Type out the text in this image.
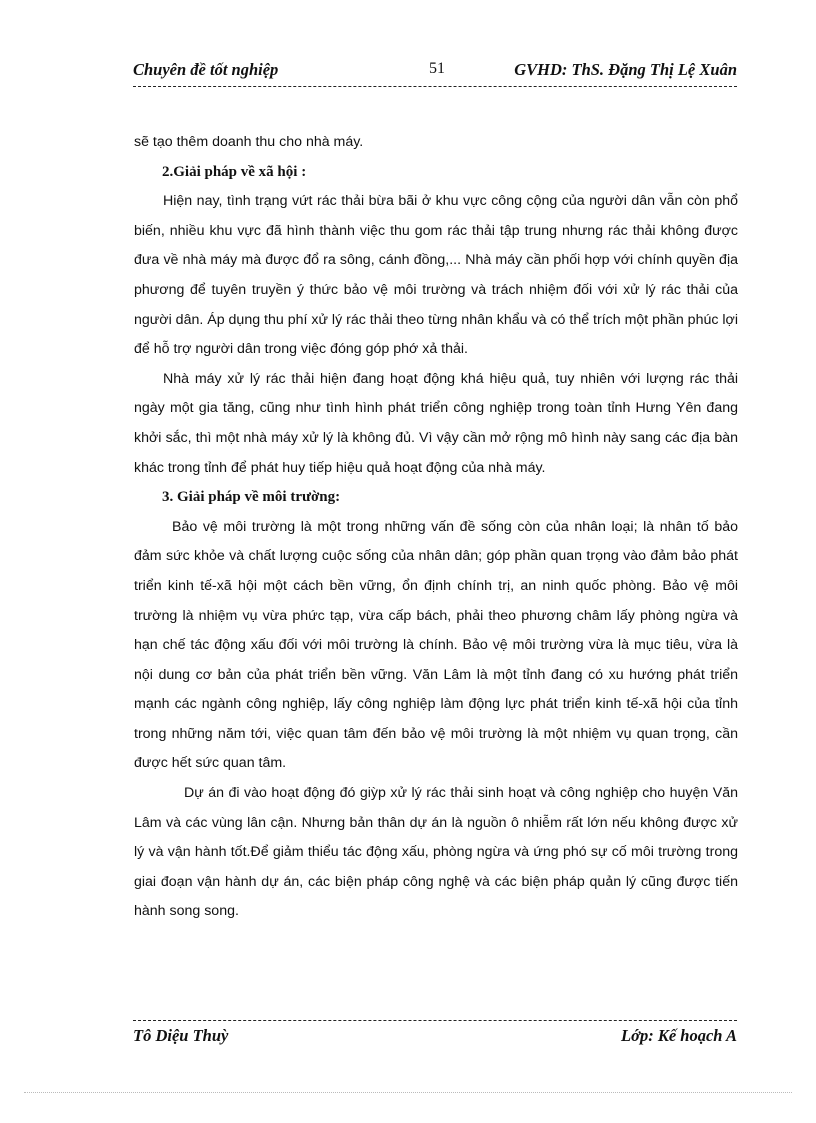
Chuyên đề tốt nghiệp	51	GVHD: ThS. Đặng Thị Lệ Xuân

sẽ tạo thêm doanh thu cho nhà máy.

2.Giải pháp về xã hội :

Hiện nay, tình trạng vứt rác thải bừa bãi ở khu vực công cộng của người dân vẫn còn phổ biến, nhiều khu vực đã hình thành việc thu gom rác thải tập trung nhưng rác thải không được đưa về nhà máy mà được đổ ra sông, cánh đồng,... Nhà máy cần phối hợp với chính quyền địa phương để tuyên truyền ý thức bảo vệ môi trường và trách nhiệm đối với xử lý rác thải của người dân. Áp dụng thu phí xử lý rác thải theo từng nhân khẩu và có thể trích một phần phúc lợi để hỗ trợ người dân trong việc đóng góp phớ xả thải.

Nhà máy xử lý rác thải hiện đang hoạt động khá hiệu quả, tuy nhiên với lượng rác thải ngày một gia tăng, cũng như tình hình phát triển công nghiệp trong toàn tỉnh Hưng Yên đang khởi sắc, thì một nhà máy xử lý là không đủ. Vì vậy cần mở rộng mô hình này sang các địa bàn khác trong tỉnh để phát huy tiếp hiệu quả hoạt động của nhà máy.

3. Giải pháp về môi trường:

Bảo vệ môi trường là một trong những vấn đề sống còn của nhân loại; là nhân tố bảo đảm sức khỏe và chất lượng cuộc sống của nhân dân; góp phần quan trọng vào đảm bảo phát triển kinh tế-xã hội một cách bền vững, ổn định chính trị, an ninh quốc phòng. Bảo vệ môi trường là nhiệm vụ vừa phức tạp, vừa cấp bách, phải theo phương châm lấy phòng ngừa và hạn chế tác động xấu đối với môi trường là chính. Bảo vệ môi trường vừa là mục tiêu, vừa là nội dung cơ bản của phát triển bền vững. Văn Lâm là một tỉnh đang có xu hướng phát triển mạnh các ngành công nghiệp, lấy công nghiệp làm động lực phát triển kinh tế-xã hội của tỉnh trong những năm tới, việc quan tâm đến bảo vệ môi trường là một nhiệm vụ quan trọng, cần được hết sức quan tâm.

Dự án đi vào hoạt động đó giỳp xử lý rác thải sinh hoạt và công nghiệp cho huyện Văn Lâm và các vùng lân cận. Nhưng bản thân dự án là nguồn ô nhiễm rất lớn nếu không được xử lý và vận hành tốt.Để giảm thiểu tác động xấu, phòng ngừa và ứng phó sự cố môi trường trong giai đoạn vận hành dự án, các biện pháp công nghệ và các biện pháp quản lý cũng được tiến hành song song.

Tô Diệu Thuỳ	Lớp: Kế hoạch A
